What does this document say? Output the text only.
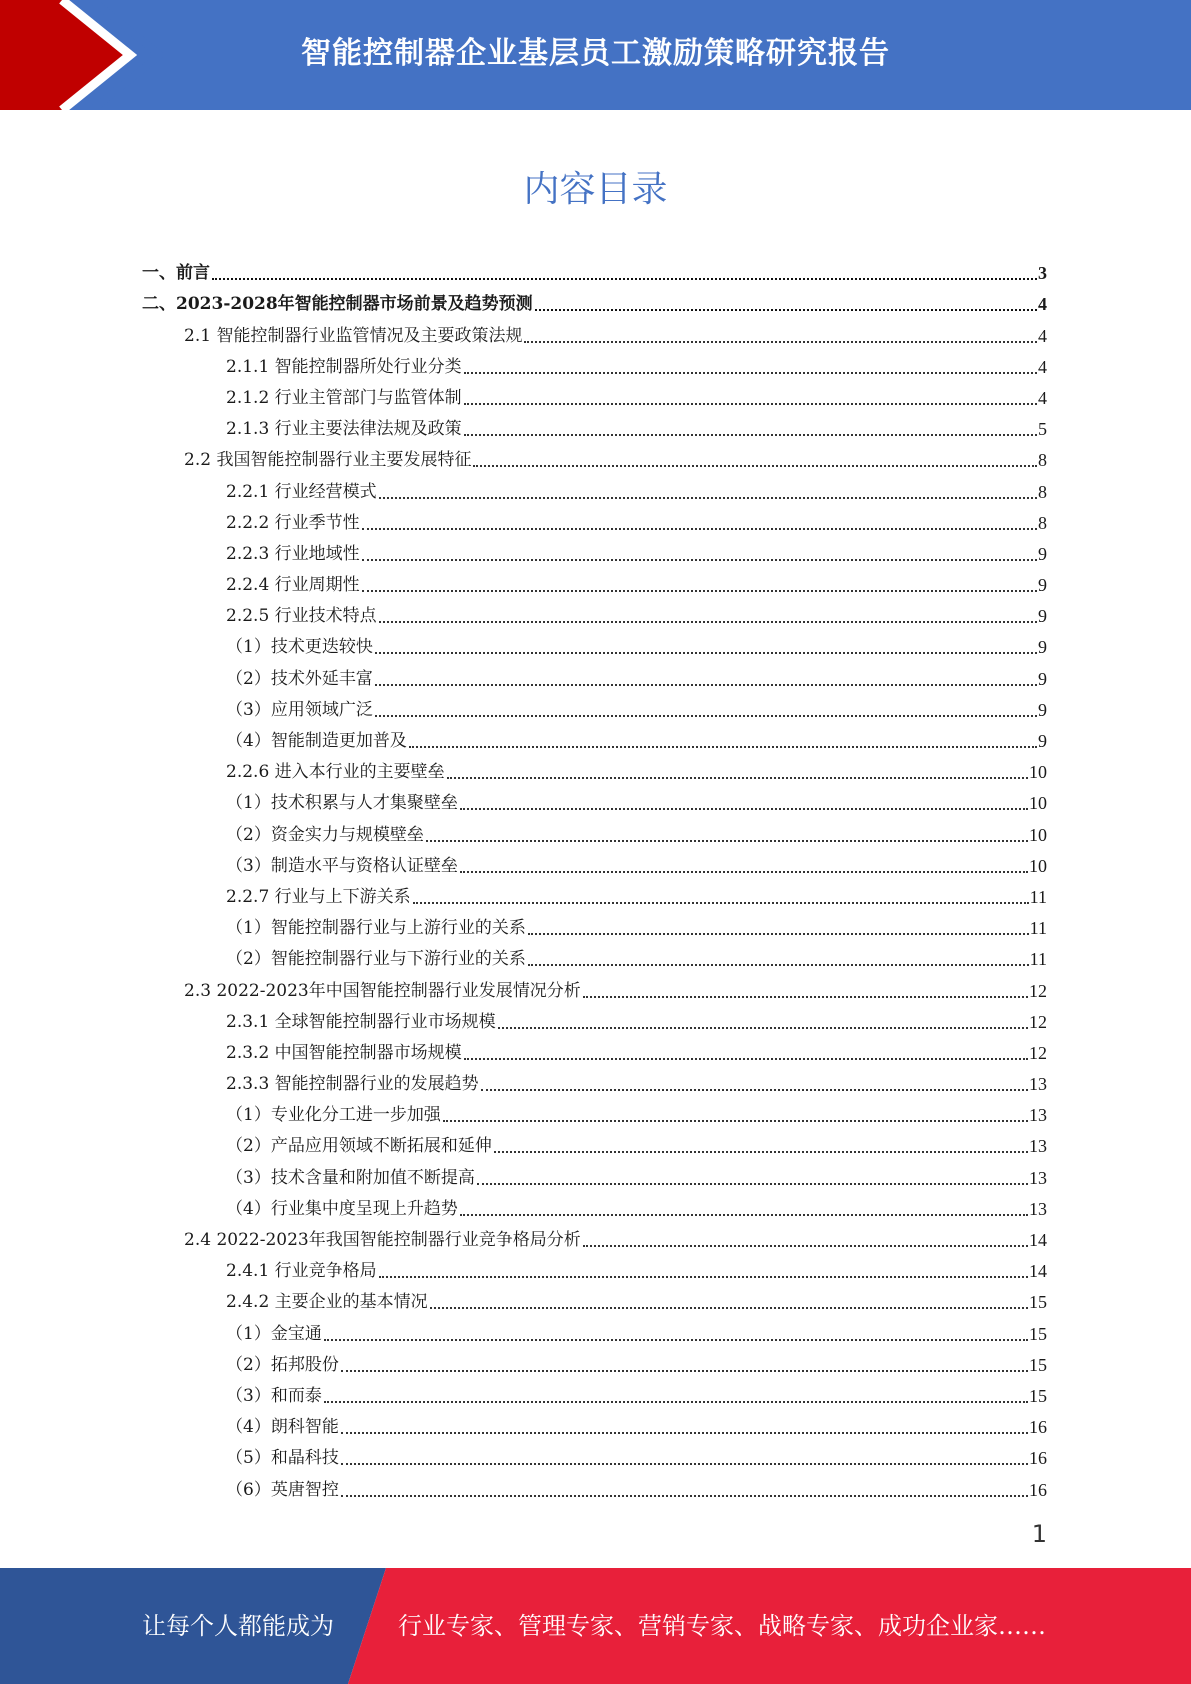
智能控制器企业基层员工激励策略研究报告
内容目录
一、前言	3
二、2023-2028年智能控制器市场前景及趋势预测	4
2.1 智能控制器行业监管情况及主要政策法规	4
2.1.1 智能控制器所处行业分类	4
2.1.2 行业主管部门与监管体制	4
2.1.3 行业主要法律法规及政策	5
2.2 我国智能控制器行业主要发展特征	8
2.2.1 行业经营模式	8
2.2.2 行业季节性	8
2.2.3 行业地域性	9
2.2.4 行业周期性	9
2.2.5 行业技术特点	9
（1）技术更迭较快	9
（2）技术外延丰富	9
（3）应用领域广泛	9
（4）智能制造更加普及	9
2.2.6 进入本行业的主要壁垒	10
（1）技术积累与人才集聚壁垒	10
（2）资金实力与规模壁垒	10
（3）制造水平与资格认证壁垒	10
2.2.7 行业与上下游关系	11
（1）智能控制器行业与上游行业的关系	11
（2）智能控制器行业与下游行业的关系	11
2.3 2022-2023年中国智能控制器行业发展情况分析	12
2.3.1 全球智能控制器行业市场规模	12
2.3.2 中国智能控制器市场规模	12
2.3.3 智能控制器行业的发展趋势	13
（1）专业化分工进一步加强	13
（2）产品应用领域不断拓展和延伸	13
（3）技术含量和附加值不断提高	13
（4）行业集中度呈现上升趋势	13
2.4 2022-2023年我国智能控制器行业竞争格局分析	14
2.4.1 行业竞争格局	14
2.4.2 主要企业的基本情况	15
（1）金宝通	15
（2）拓邦股份	15
（3）和而泰	15
（4）朗科智能	16
（5）和晶科技	16
（6）英唐智控	16
1
让每个人都能成为	行业专家、管理专家、营销专家、战略专家、成功企业家……
